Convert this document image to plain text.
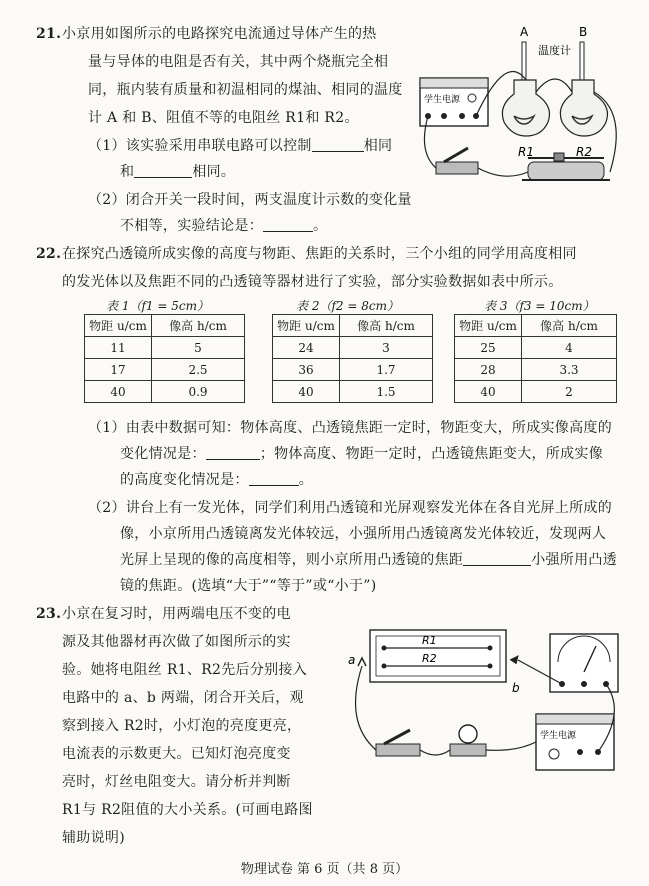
21. 小京用如图所示的电路探究电流通过导体产生的热
量与导体的电阻是否有关，其中两个烧瓶完全相
同，瓶内装有质量和初温相同的煤油、相同的温度
计 A 和 B、阻值不等的电阻丝 R1和 R2。
（1）该实验采用串联电路可以控制	相同
和	相同。
（2）闭合开关一段时间，两支温度计示数的变化量
不相等，实验结论是：	。
A	B
温度计
R1	R2
学生电源
22. 在探究凸透镜所成实像的高度与物距、焦距的关系时，三个小组的同学用高度相同
的发光体以及焦距不同的凸透镜等器材进行了实验，部分实验数据如表中所示。
表 1（f1 = 5cm）
物距 u/cm	像高 h/cm
11	5
17	2.5
40	0.9
表 2（f2 = 8cm）
物距 u/cm	像高 h/cm
24	3
36	1.7
40	1.5
表 3（f3 = 10cm）
物距 u/cm	像高 h/cm
25	4
28	3.3
40	2
（1）由表中数据可知：物体高度、凸透镜焦距一定时，物距变大，所成实像高度的
变化情况是：	；物体高度、物距一定时，凸透镜焦距变大，所成实像
的高度变化情况是：	。
（2）讲台上有一发光体，同学们利用凸透镜和光屏观察发光体在各自光屏上所成的
像，小京所用凸透镜离发光体较远，小强所用凸透镜离发光体较近，发现两人
光屏上呈现的像的高度相等，则小京所用凸透镜的焦距	小强所用凸透
镜的焦距。(选填“大于”“等于”或“小于”)
23. 小京在复习时，用两端电压不变的电
源及其他器材再次做了如图所示的实
验。她将电阻丝 R1、R2先后分别接入
电路中的 a、b 两端，闭合开关后，观
察到接入 R2时，小灯泡的亮度更亮，
电流表的示数更大。已知灯泡亮度变
亮时，灯丝电阻变大。请分析并判断
R1与 R2阻值的大小关系。(可画电路图
辅助说明)
R1
R2
a
b
学生电源
物理试卷 第 6 页（共 8 页）
